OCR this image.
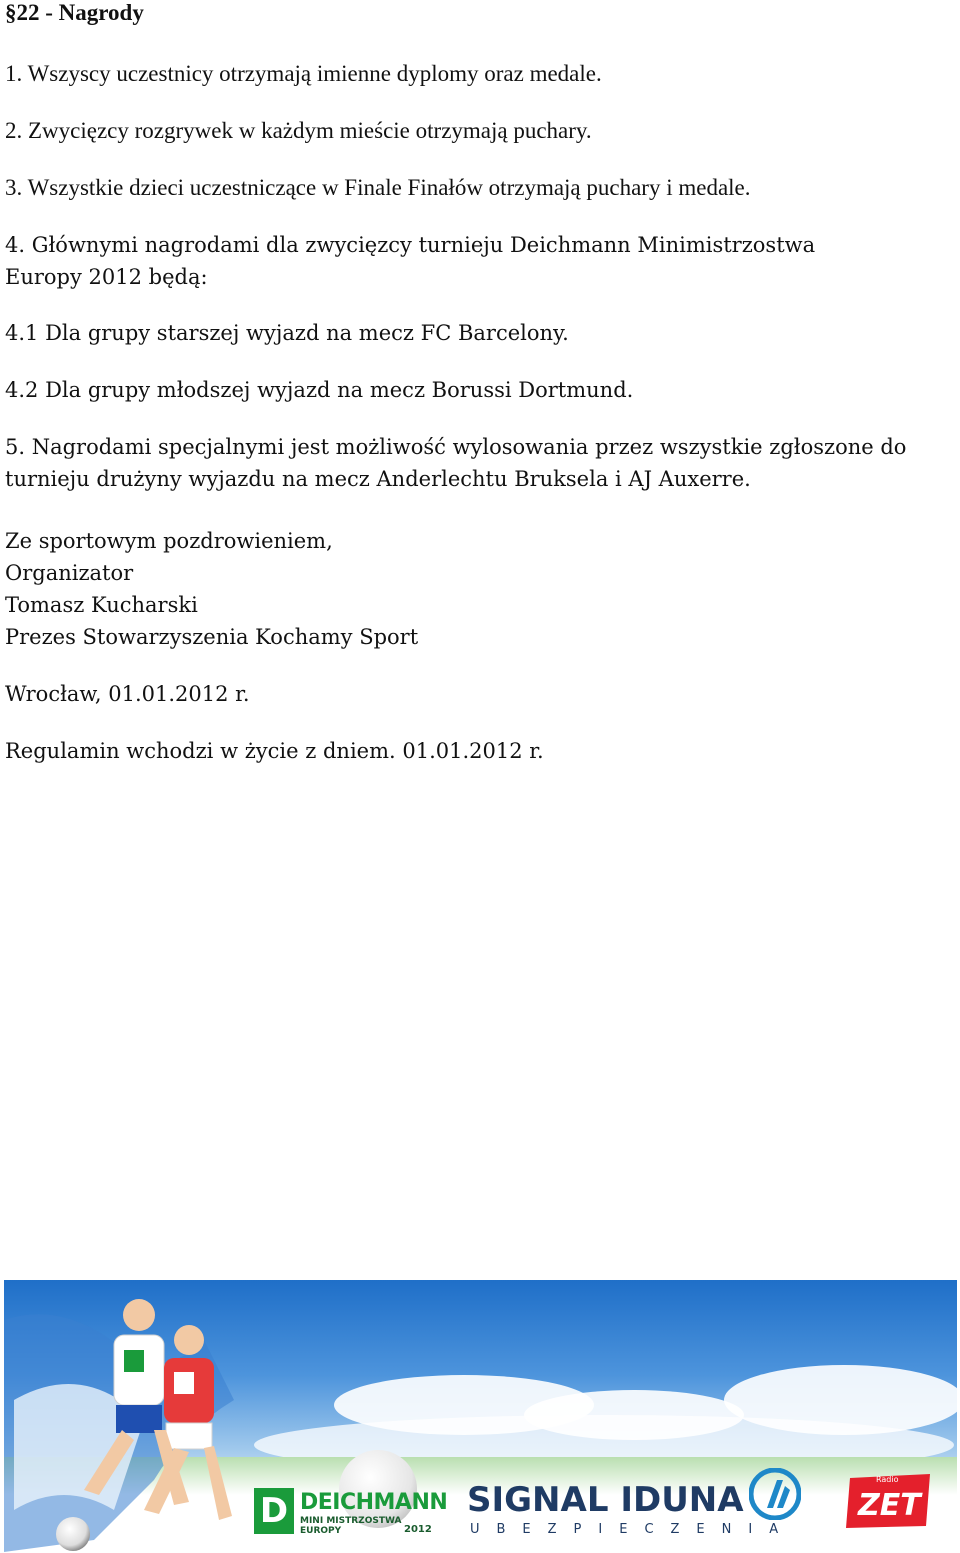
§22 - Nagrody
1. Wszyscy uczestnicy otrzymają imienne dyplomy oraz medale.
2. Zwycięzcy rozgrywek w każdym mieście otrzymają puchary.
3. Wszystkie dzieci uczestniczące w Finale Finałów otrzymają puchary i medale.
4. Głównymi nagrodami dla zwycięzcy turnieju Deichmann Minimistrzostwa Europy 2012 będą:
4.1 Dla grupy starszej wyjazd na mecz FC Barcelony.
4.2 Dla grupy młodszej wyjazd na mecz Borussi Dortmund.
5. Nagrodami specjalnymi jest możliwość wylosowania przez wszystkie zgłoszone do turnieju drużyny wyjazdu na mecz Anderlechtu Bruksela i AJ Auxerre.
Ze sportowym pozdrowieniem,
Organizator
Tomasz Kucharski
Prezes Stowarzyszenia Kochamy Sport
Wrocław, 01.01.2012 r.
Regulamin wchodzi w życie z dniem. 01.01.2012 r.
D DEICHMANN
MINI MISTRZOSTWA
EUROPY	2012
SIGNAL IDUNA
UBEZPIECZENIA
Radio
ZET
